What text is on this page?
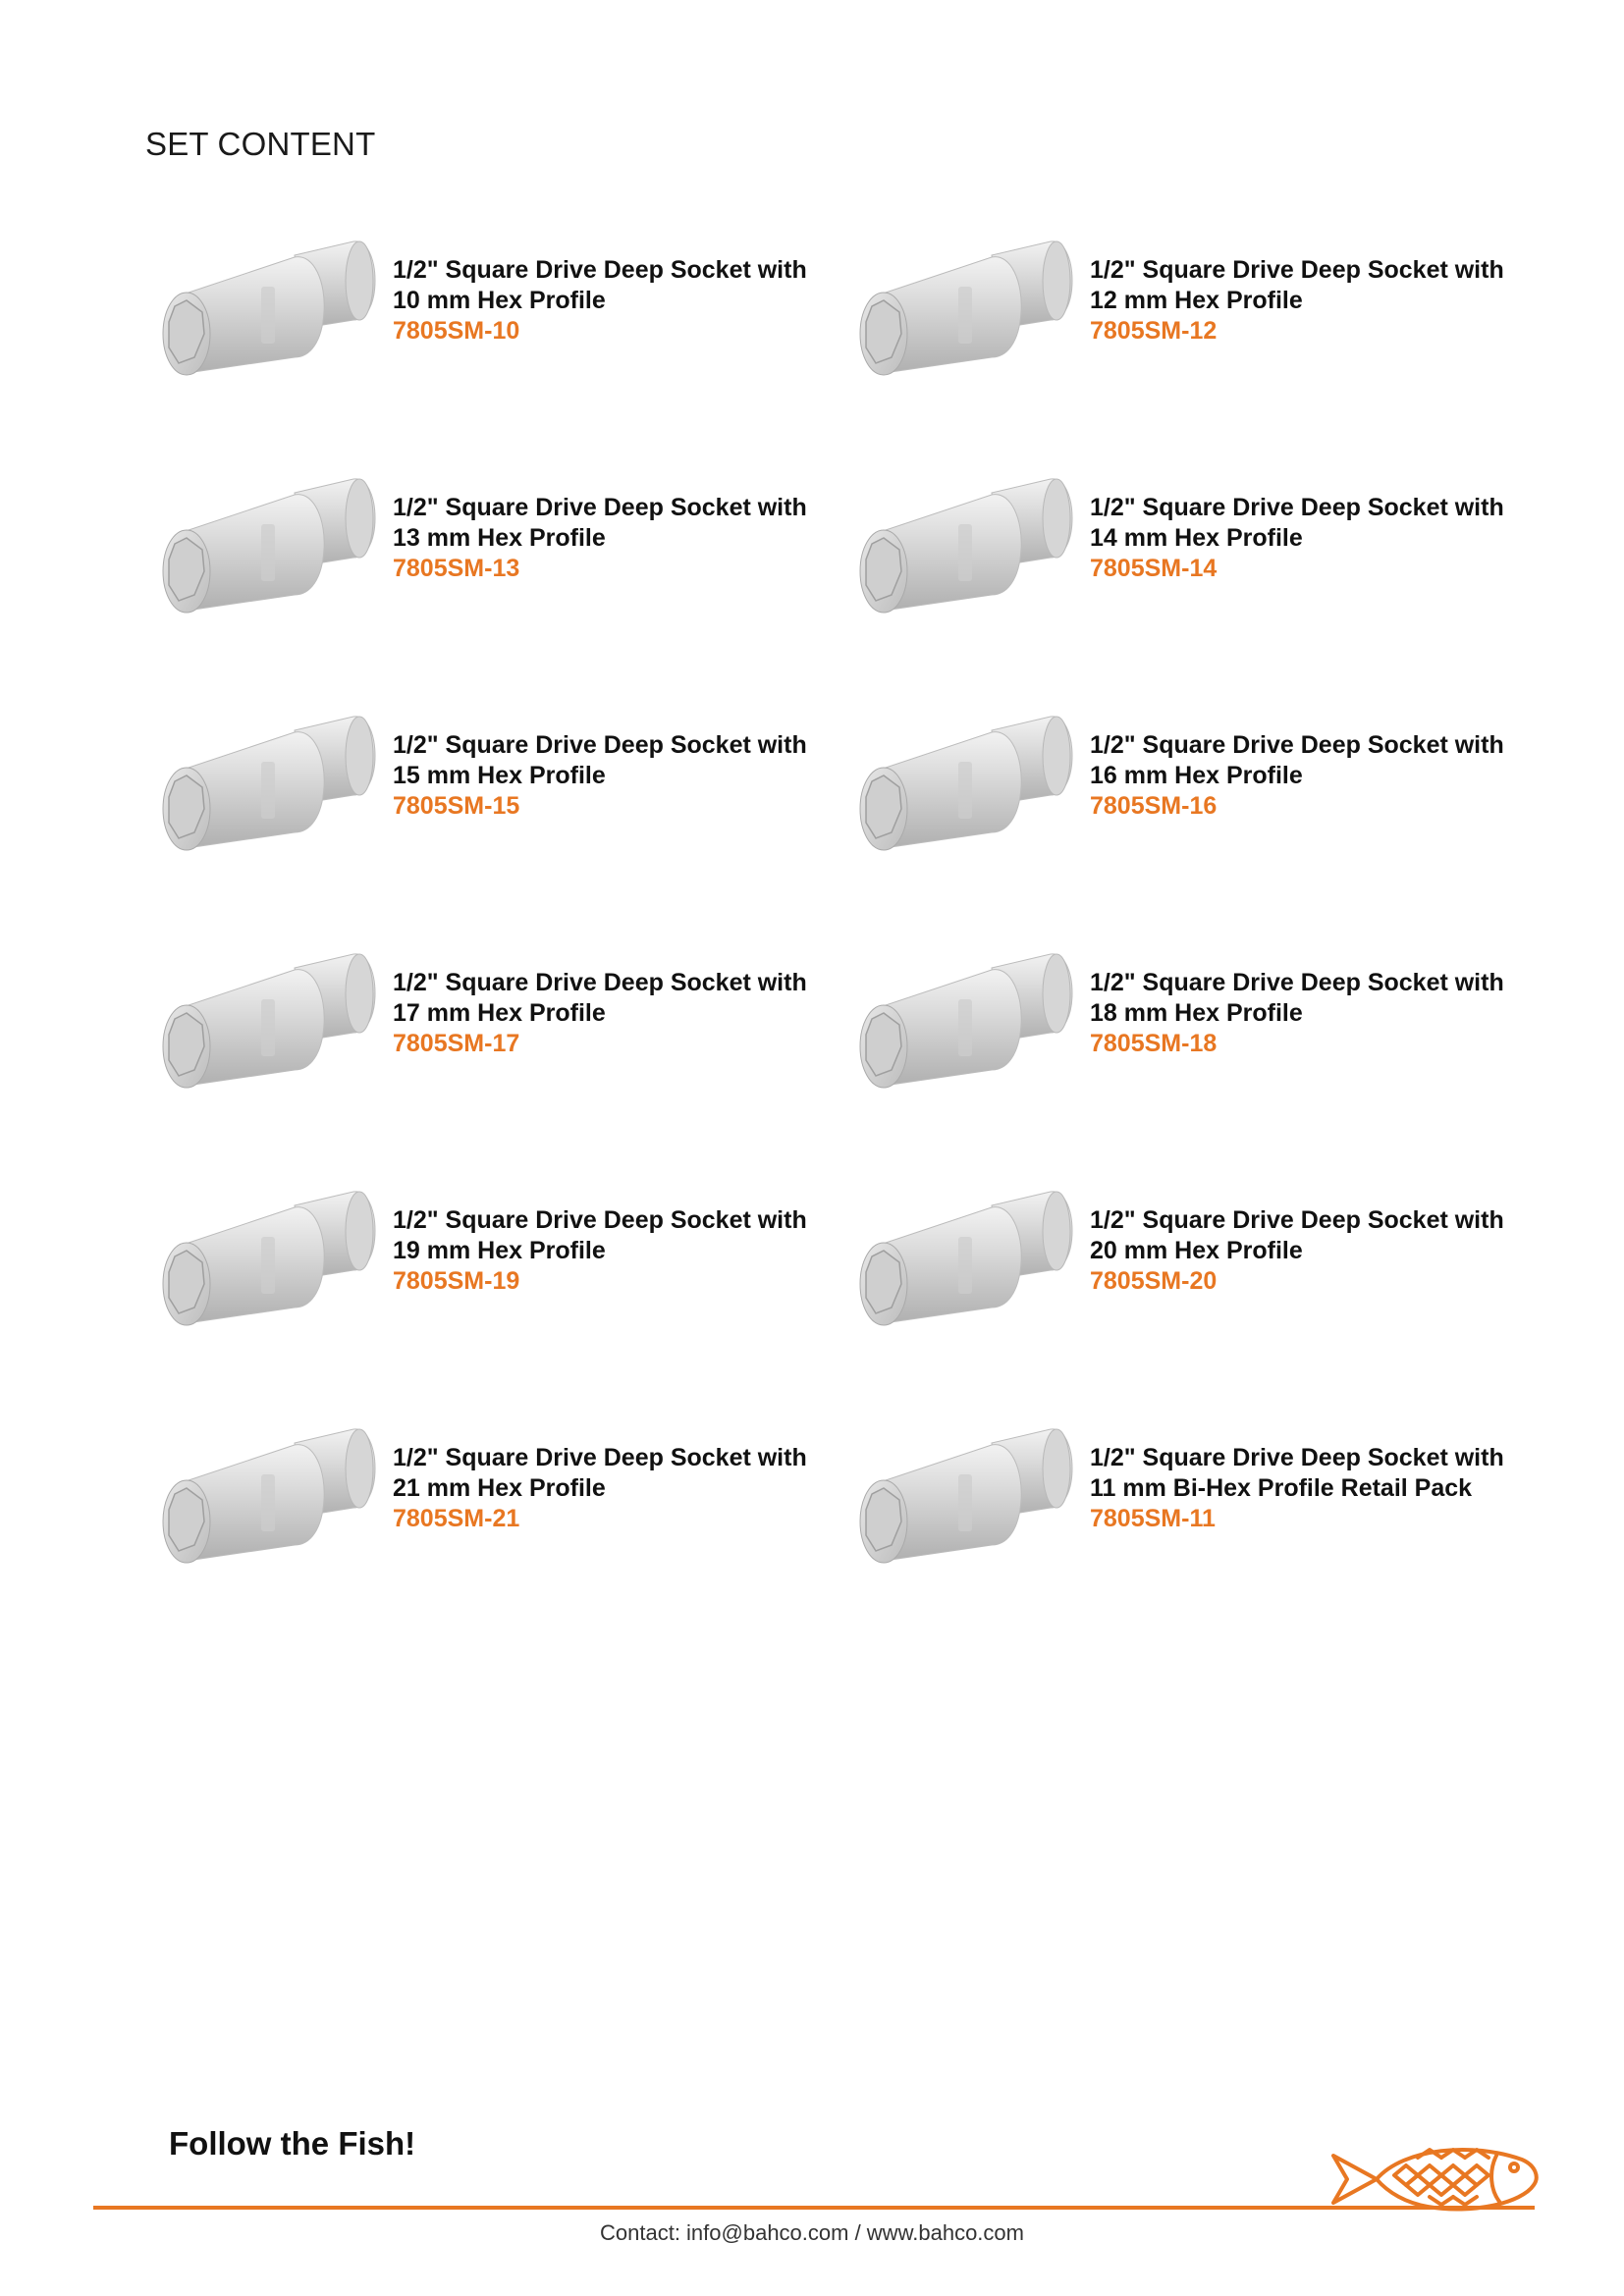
SET CONTENT
1/2" Square Drive Deep Socket with
10 mm Hex Profile
7805SM-10
1/2" Square Drive Deep Socket with
12 mm Hex Profile
7805SM-12
1/2" Square Drive Deep Socket with
13 mm Hex Profile
7805SM-13
1/2" Square Drive Deep Socket with
14 mm Hex Profile
7805SM-14
1/2" Square Drive Deep Socket with
15 mm Hex Profile
7805SM-15
1/2" Square Drive Deep Socket with
16 mm Hex Profile
7805SM-16
1/2" Square Drive Deep Socket with
17 mm Hex Profile
7805SM-17
1/2" Square Drive Deep Socket with
18 mm Hex Profile
7805SM-18
1/2" Square Drive Deep Socket with
19 mm Hex Profile
7805SM-19
1/2" Square Drive Deep Socket with
20 mm Hex Profile
7805SM-20
1/2" Square Drive Deep Socket with
21 mm Hex Profile
7805SM-21
1/2" Square Drive Deep Socket with
11 mm Bi-Hex Profile Retail Pack
7805SM-11
Follow the Fish!
Contact: info@bahco.com / www.bahco.com
